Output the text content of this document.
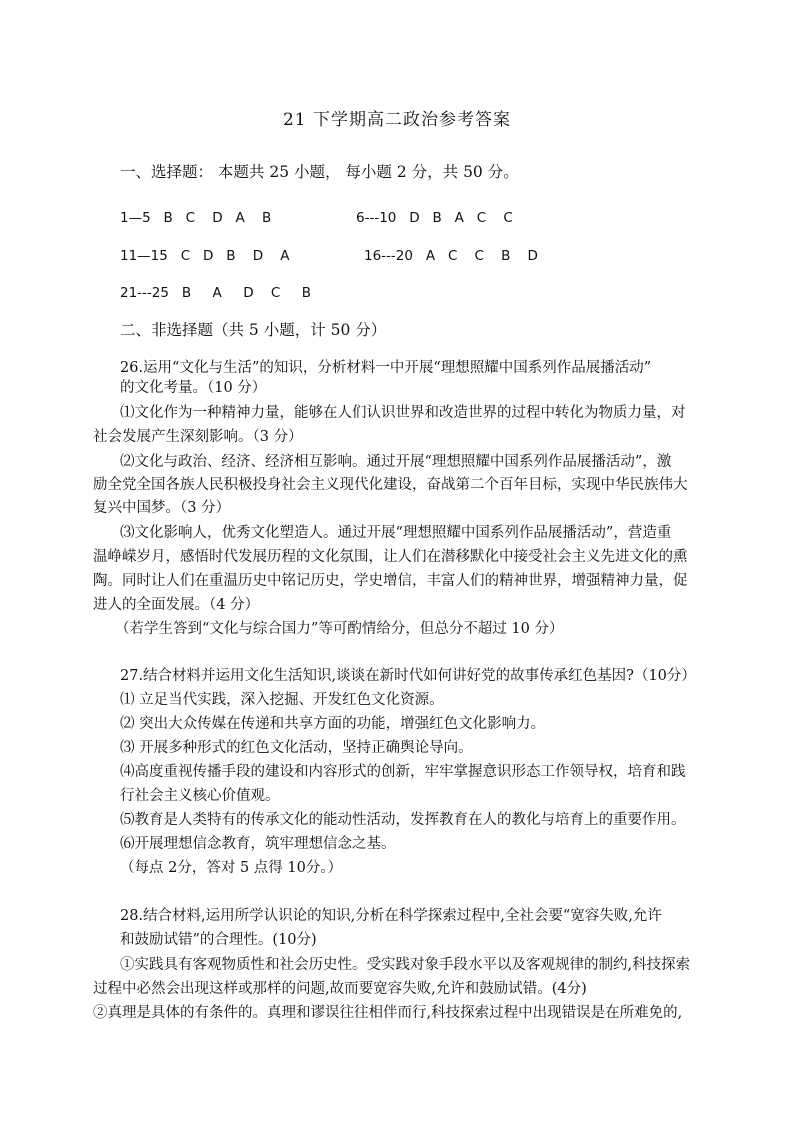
21 下学期高二政治参考答案
一、选择题： 本题共 25 小题， 每小题 2 分，共 50 分。
1—5   B   C    D   A    B	6---10   D   B   A   C    C
11—15   C   D   B    D    A	16---20   A   C    C    B    D
21---25   B     A     D    C     B
二、非选择题（共 5 小题，计 50 分）
26.运用“文化与生活”的知识，分析材料一中开展“理想照耀中国系列作品展播活动”
的文化考量。（10 分）
⑴文化作为一种精神力量，能够在人们认识世界和改造世界的过程中转化为物质力量，对
社会发展产生深刻影响。（3 分）
⑵文化与政治、经济、经济相互影响。通过开展“理想照耀中国系列作品展播活动”，激
励全党全国各族人民积极投身社会主义现代化建设，奋战第二个百年目标，实现中华民族伟大
复兴中国梦。（3 分）
⑶文化影响人，优秀文化塑造人。通过开展“理想照耀中国系列作品展播活动”，营造重
温峥嵘岁月，感悟时代发展历程的文化氛围，让人们在潜移默化中接受社会主义先进文化的熏
陶。同时让人们在重温历史中铭记历史，学史增信，丰富人们的精神世界，增强精神力量，促
进人的全面发展。（4 分）
（若学生答到“文化与综合国力”等可酌情给分，但总分不超过 10 分）
27.结合材料并运用文化生活知识,谈谈在新时代如何讲好党的故事传承红色基因?（10分）
⑴ 立足当代实践，深入挖掘、开发红色文化资源。
⑵ 突出大众传媒在传递和共享方面的功能，增强红色文化影响力。
⑶ 开展多种形式的红色文化活动，坚持正确舆论导向。
⑷高度重视传播手段的建设和内容形式的创新，牢牢掌握意识形态工作领导权，培育和践
行社会主义核心价值观。
⑸教育是人类特有的传承文化的能动性活动，发挥教育在人的教化与培育上的重要作用。
⑹开展理想信念教育，筑牢理想信念之基。
（每点 2分，答对 5 点得 10分。）
28.结合材料,运用所学认识论的知识,分析在科学探索过程中,全社会要“宽容失败,允许
和鼓励试错”的合理性。(10分)
①实践具有客观物质性和社会历史性。受实践对象手段水平以及客观规律的制约,科技探索
过程中必然会出现这样或那样的问题,故而要宽容失败,允许和鼓励试错。(4分)
②真理是具体的有条件的。真理和谬误往往相伴而行,科技探索过程中出现错误是在所难免的,
